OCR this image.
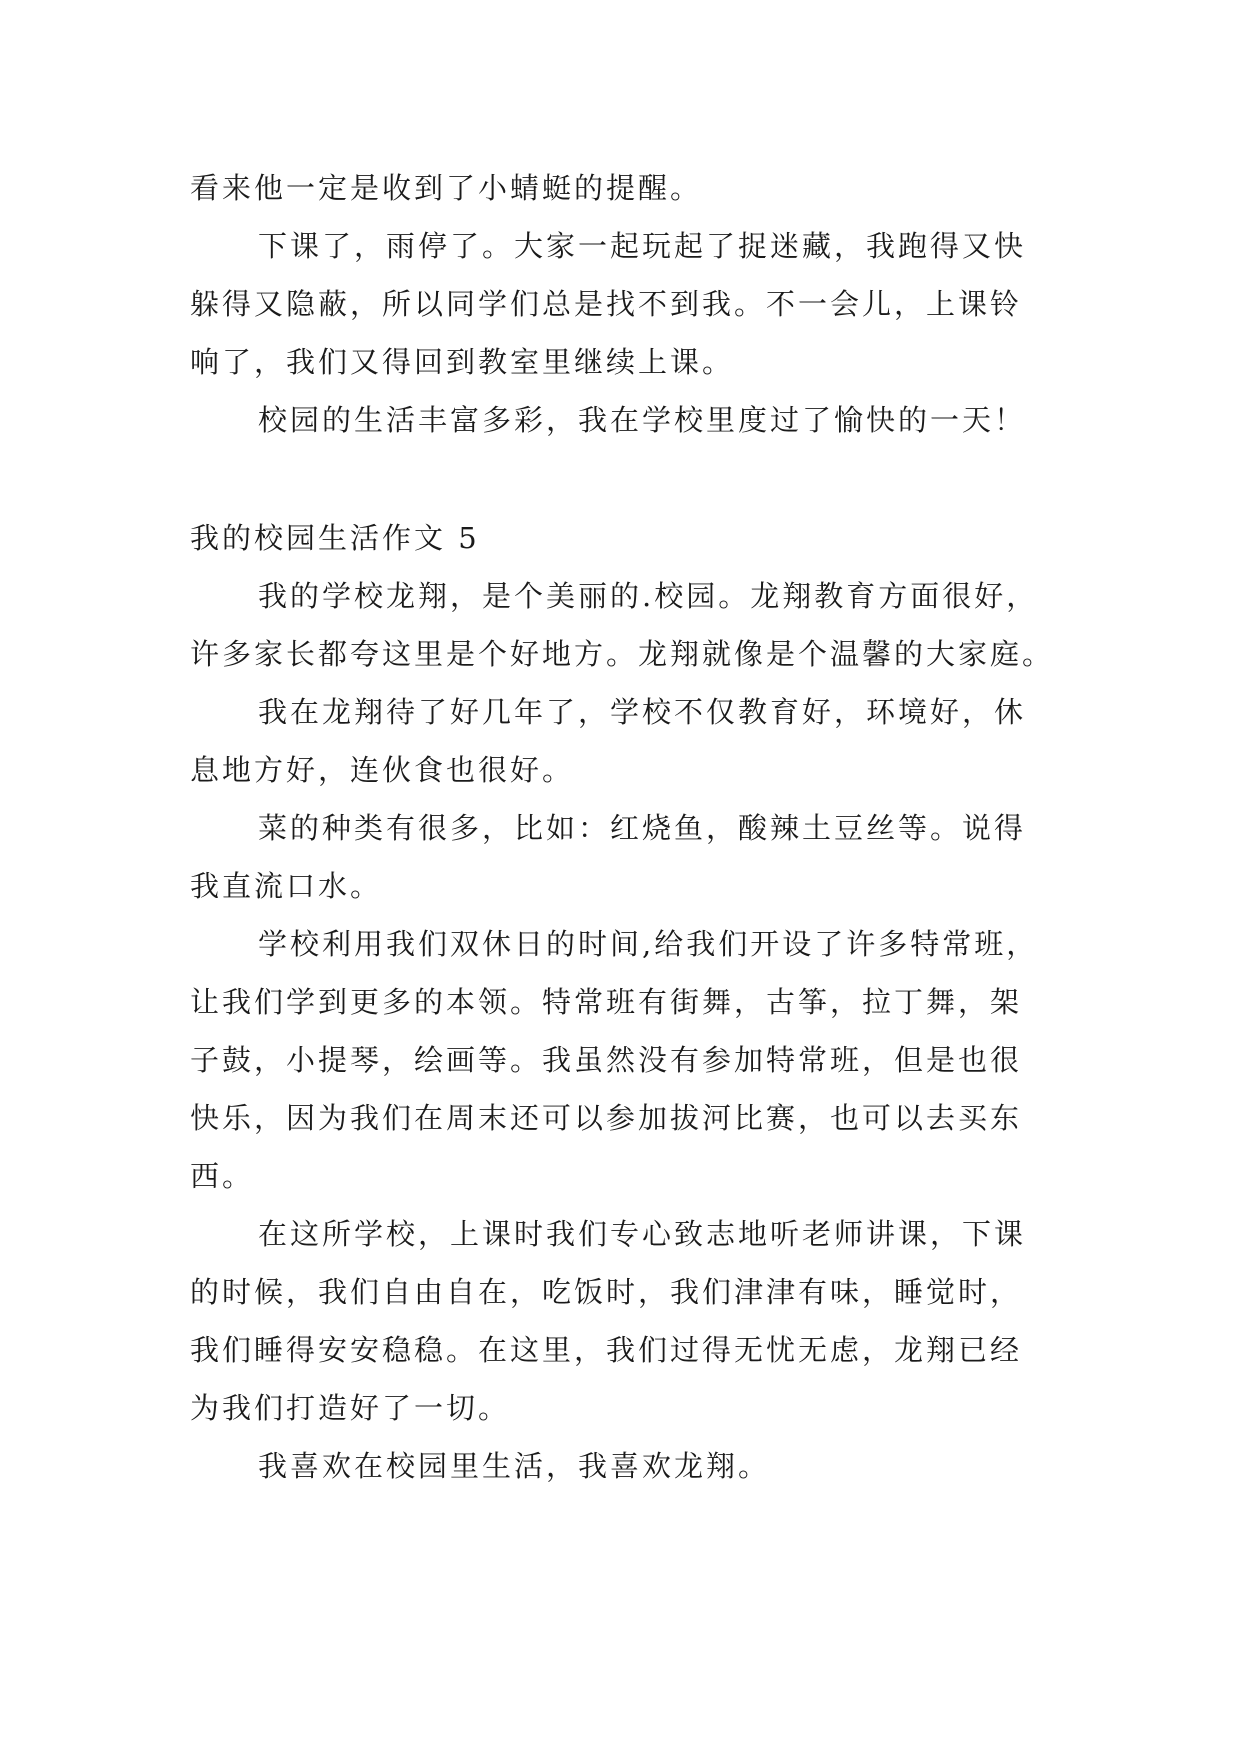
看来他一定是收到了小蜻蜓的提醒。
下课了，雨停了。大家一起玩起了捉迷藏，我跑得又快
躲得又隐蔽，所以同学们总是找不到我。不一会儿，上课铃
响了，我们又得回到教室里继续上课。
校园的生活丰富多彩，我在学校里度过了愉快的一天！
我的校园生活作文 5
我的学校龙翔，是个美丽的.校园。龙翔教育方面很好，
许多家长都夸这里是个好地方。龙翔就像是个温馨的大家庭。
我在龙翔待了好几年了，学校不仅教育好，环境好，休
息地方好，连伙食也很好。
菜的种类有很多，比如：红烧鱼，酸辣土豆丝等。说得
我直流口水。
学校利用我们双休日的时间,给我们开设了许多特常班，
让我们学到更多的本领。特常班有街舞，古筝，拉丁舞，架
子鼓，小提琴，绘画等。我虽然没有参加特常班，但是也很
快乐，因为我们在周末还可以参加拔河比赛，也可以去买东
西。
在这所学校，上课时我们专心致志地听老师讲课，下课
的时候，我们自由自在，吃饭时，我们津津有味，睡觉时，
我们睡得安安稳稳。在这里，我们过得无忧无虑，龙翔已经
为我们打造好了一切。
我喜欢在校园里生活，我喜欢龙翔。
